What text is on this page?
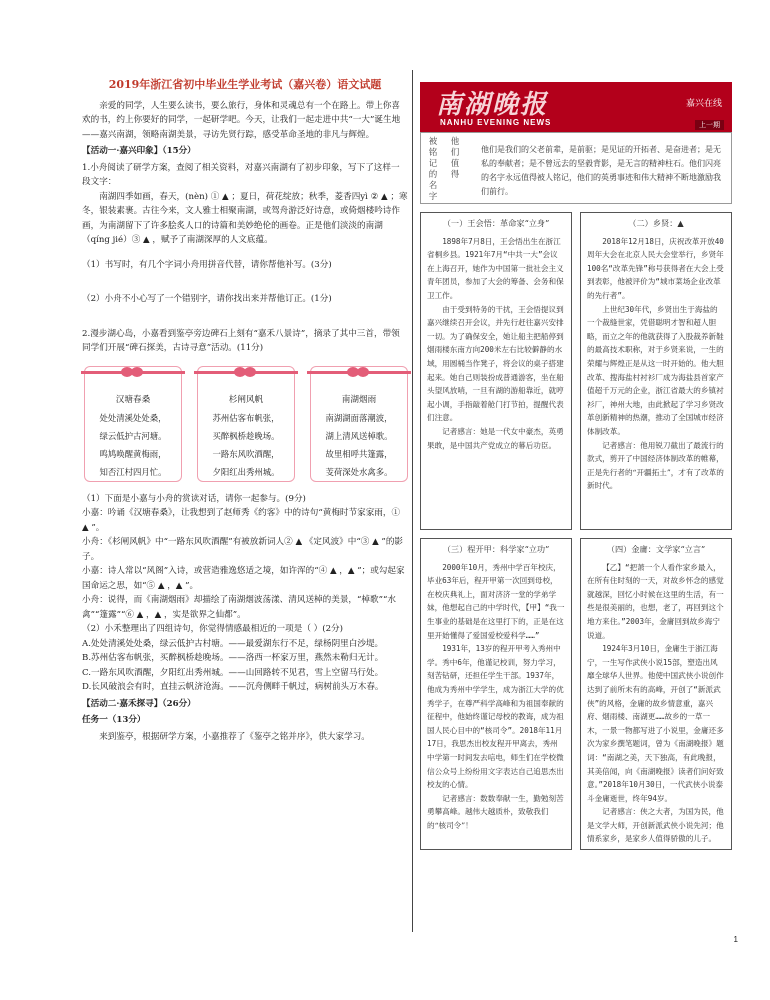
2019年浙江省初中毕业生学业考试（嘉兴卷）语文试题

亲爱的同学，人生要么读书，要么旅行，身体和灵魂总有一个在路上。带上你喜欢的书，约上你要好的同学，一起研学吧。今天，让我们一起走进中共“一大”诞生地——嘉兴南湖，领略南湖美景，寻访先贤行踪，感受革命圣地的非凡与辉煌。

【活动一·嘉兴印象】（15分）

1.小舟阅读了研学方案，查阅了相关资料，对嘉兴南湖有了初步印象，写下了这样一段文字：

南湖四季如画，春天，(nèn) ① ▲ ；夏日，荷花绽放；秋季，菱香四yì ② ▲ ；寒冬，银装素裹。古往今来，文人雅士相聚南湖，或驾舟游泛好诗意，或倚烟楼吟诗作画，为南湖留下了许多脍炙人口的诗篇和美妙绝伦的画卷。正是他们淡淡的南湖（qíng jié）③ ▲ ，赋予了南湖深厚的人文底蕴。

（1）书写时，有几个字词小舟用拼音代替，请你帮他补写。(3分)

（2）小舟不小心写了一个错别字，请你找出来并帮他订正。(1分)

2.漫步湖心岛，小嘉看到鉴亭旁边碑石上刻有“嘉禾八景诗”，摘录了其中三首，带领同学们开展“碑石探美，古诗寻意”活动。(11分)

汉塘春桑
处处清溪处处桑，
绿云低护古河塘。
鸣鸠唤醒黄梅雨，
知否江村四月忙。
杉闸风帆
苏州估客布帆张，
买醉枫桥趁晚场。
一路东风吹酒醒，
夕阳红出秀州城。
南湖烟雨
南湖湖面落潮波，
湖上清风送棹歌。
故里相呼共篷露，
芰荷深处水禽多。

（1）下面是小嘉与小舟的赏读对话，请你一起参与。(9分)

小嘉：吟诵《汉塘春桑》，让我想到了赵师秀《约客》中的诗句“黄梅时节家家雨，① ▲ ”。

小舟：《杉闸风帆》中“一路东风吹酒醒”有被放新词人② ▲ 《定风波》中“③ ▲ ”的影子。

小嘉：诗人常以“风阁”入诗，或营造雅逸悠适之境，如许浑的“④ ▲ ，▲ ”；或勾起家国命运之思，如“⑤ ▲ ，▲ ”。

小舟：说得，而《南湖烟雨》却描绘了南湖烟波荡漾、清风送棹的美景，“棹歌”“水禽”“篷露”“⑥ ▲ ，▲ ，实是欲界之仙都”。

（2）小禾整理出了四组诗句，你觉得情感最相近的一项是（ ）(2分)

A.处处清溪处处桑，绿云低护古村塘。——最爱湖东行不足，绿杨阴里白沙堤。

B.苏州估客布帆张，买醉枫桥趁晚场。——洛西一杯家万里，燕然未勒归无计。

C.一路东风吹酒醒，夕阳红出秀州城。——山回路转不见君，雪上空留马行处。

D.长风破浪会有时，直挂云帆济沧海。——沉舟侧畔千帆过，病树前头万木春。

【活动二·嘉禾探寻】（26分）
任务一（13分）

来到鉴亭，根据研学方案，小嘉推荐了《鉴亭之铭并序》，供大家学习。

南湖晚报
NANHU EVENING NEWS
嘉兴在线
上一期
被铭记的名字
他们值得
他们是我们的父老前辈，是前驱；是见证的开拓者、是奋进者；是无私的奉献者；是不曾远去的坚毅背影，是无言的精神柱石。他们闪亮的名字永远值得被人铭记，他们的英勇事迹和伟大精神不断地激励我们前行。
（一）王会悟：革命家“立身”

1898年7月8日，王会悟出生在浙江省桐乡县。1921年7月“中共一大”会议在上海召开，她作为中国第一批社会主义青年团员，参加了大会的筹备、会务和保卫工作。

由于受到特务的干扰，王会悟提议到嘉兴继续召开会议，并先行赶往嘉兴安排一切。为了确保安全，她让船主把船停到烟雨楼东南方向200米左右比较僻静的水域，用圆桶当作凳子，将会议的桌子搭建起来。她自己则装扮成普通游客，坐在船头望风放哨，一旦有湖的游船靠近，就哼起小调，手指敲着舱门打节拍，提醒代表们注意。

记者感言：她是一代女中豪杰，英勇果敢，是中国共产党成立的幕后功臣。

（二）乡贤：▲

2018年12月18日，庆祝改革开放40周年大会在北京人民大会堂举行，乡贤年100名“改革先锋”称号获得者在大会上受到表彰，他被评价为“城市菜场企业改革的先行者”。

上世纪30年代，乡贤出生于海盐的一个裁缝世家，凭借聪明才智和超人胆略，而立之年的他就获得了入股裁养新鞋的最高技术职称，对于乡贤来说，一生的荣耀与辉煌正是从这一时开始的。他大胆改革、搜海盐村衬衫厂成为海盐县首家产值超千万元的企业，浙江省最大的乡镇衬衫厂，神州大地，由此掀起了学习乡贤改革创新精神的热潮，推动了全国城市经济体制改革。

记者感言：他用锐刀截出了最流行的款式，剪开了中国经济体制改革的帷幕，正是先行者的“开疆拓土”，才有了改革的新时代。

（三）程开甲：科学家“立功”

2000年10月，秀州中学百年校庆，毕业63年后，程开甲第一次回到母校，在校庆典礼上，面对济济一堂的学弟学妹，他想起自己的中学时代，【甲】“我一生事业的基础是在这里打下的，正是在这里开始懂得了爱国爱校爱科学……”

1931年，13岁的程开甲考入秀州中学。秀中6年，他谨记校训，努力学习，刻苦钻研，还担任学生干部。1937年，他成为秀州中学学生，成为浙江大学的优秀学子，在尊严科学高峰和为祖国奉献的征程中，他始终谨记母校的教诲，成为祖国人民心目中的“核司令”。2018年11月17日，我思杰出校友程开甲离去，秀州中学第一时间发去唁电，师生们在学校微信公众号上纷纷用文字表达自己追思杰出校友的心情。

记者感言：数数奉献一生，勤勉刻苦勇攀高峰。越伟大越质朴，致敬我们的“核司令”！

（四）金庸：文学家“立言”

【乙】“把萧一个人看作家乡最入，在所有住时刻的一天，对故乡怀念的感觉就越深，回忆小时候在这里的生活，有一些是很美丽的，也想，老了，再回到这个地方来住。”2003年，金庸回到故乡海宁说道。

1924年3月10日，金庸生于浙江海宁，一生写作武侠小说15部，塑造出风靡全球华人世界。他使中国武侠小说创作达到了前所未有的高峰，开创了“新派武侠”的风格，金庸的故乡情意重，嘉兴府、烟雨楼、南湖更……故乡的一草一木，一景一物都写进了小说里，金庸还多次为家乡撰笔题词，曾为《南湖晚报》题词：“南湖之美，天下独高，有此晚报，其美倍闻，向《南湖晚报》读者们问好致意。”2018年10月30日，一代武侠小说泰斗金庸逝世，终年94岁。

记者感言：侠之大者，为国为民，他是文学大师，开创新派武侠小说先河；他情系家乡，是家乡人值得骄傲的儿子。

1
